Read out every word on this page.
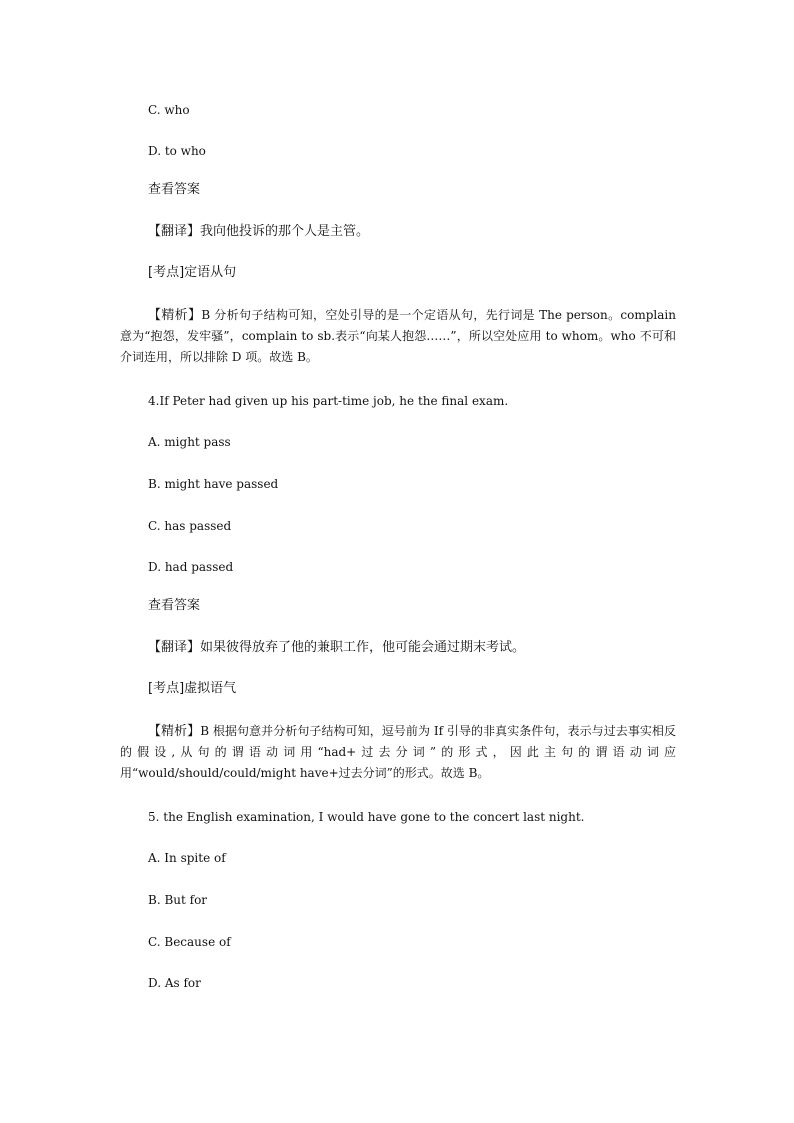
C. who
D. to who
查看答案
【翻译】我向他投诉的那个人是主管。
[考点]定语从句
【精析】B 分析句子结构可知，空处引导的是一个定语从句，先行词是 The person。complain 意为“抱怨，发牢骚”，complain to sb.表示“向某人抱怨……”，所以空处应用 to whom。who 不可和介词连用，所以排除 D 项。故选 B。
4.If Peter had given up his part-time job, he the final exam.
A. might pass
B. might have passed
C. has passed
D. had passed
查看答案
【翻译】如果彼得放弃了他的兼职工作，他可能会通过期末考试。
[考点]虚拟语气
【精析】B 根据句意并分析句子结构可知，逗号前为 If 引导的非真实条件句，表示与过去事实相反的假设,从句的谓语动词用“had+过去分词”的形式，因此主句的谓语动词应用“would/should/could/might have+过去分词”的形式。故选 B。
5. the English examination, I would have gone to the concert last night.
A. In spite of
B. But for
C. Because of
D. As for
